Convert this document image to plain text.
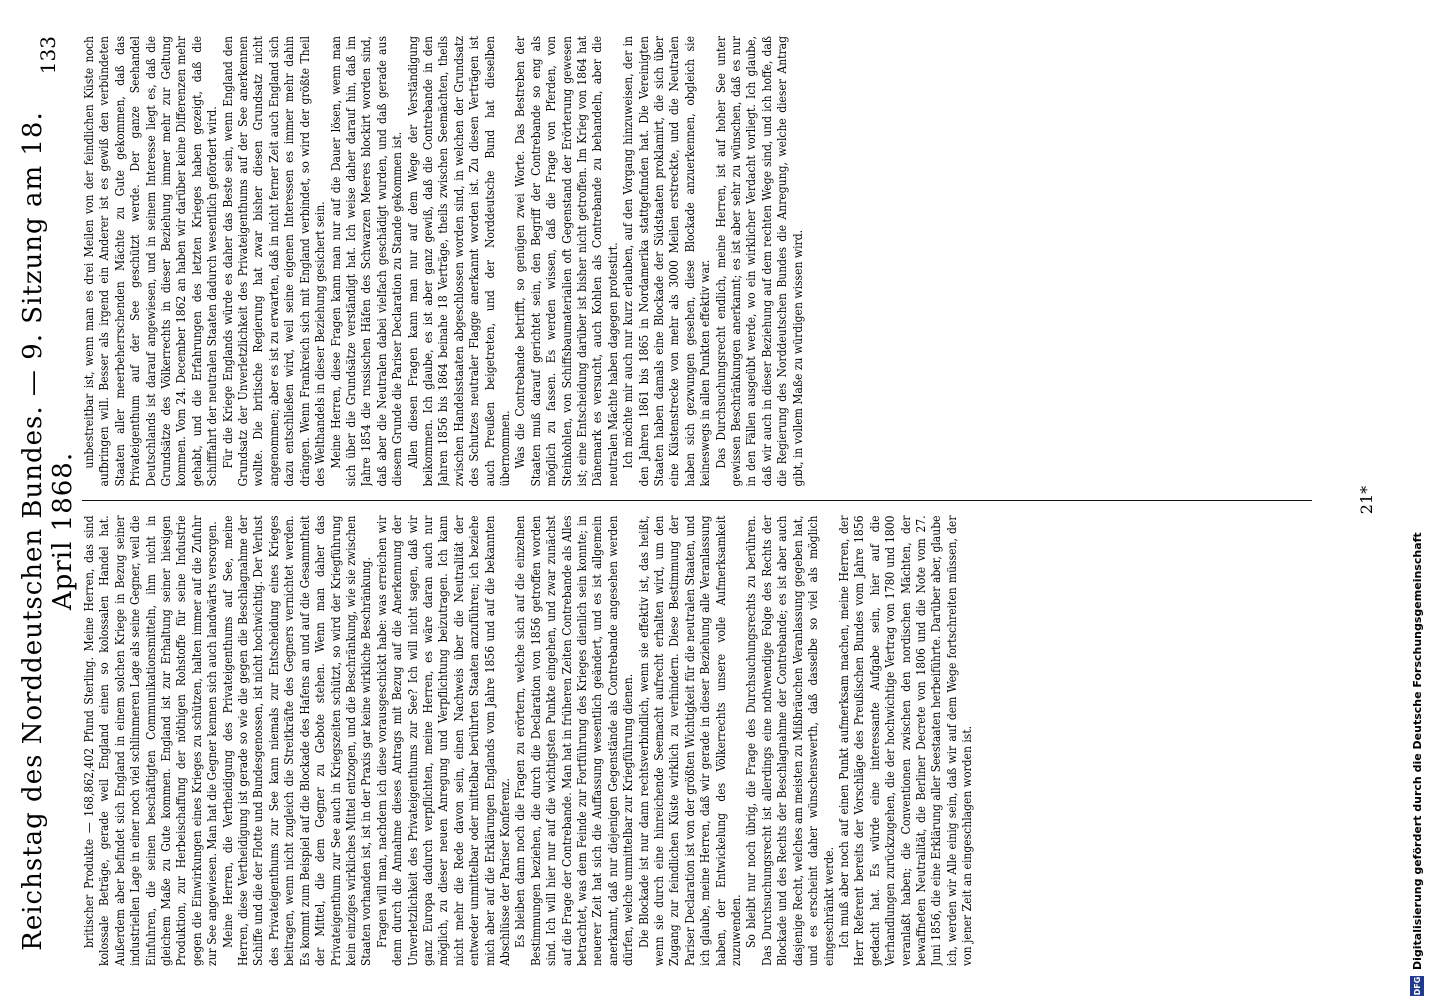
Reichstag des Norddeutschen Bundes. — 9. Sitzung am 18. April 1868.
133

britischer Produkte — 168,862,402 Pfund Sterling. Meine Herren, das sind kolossale Beträge, gerade weil England einen so kolossalen Handel hat. Außerdem aber befindet sich England in einem solchen Kriege in Bezug seiner industriellen Lage in einer noch viel schlimmeren Lage als seine Gegner, weil die Einfuhren, die seinen beschäftigten Communikationsmitteln, ihm nicht in gleichem Maße zu Gute kommen. England ist zur Erhaltung seiner hiesigen Produktion, zur Herbeischaffung der nöthigen Rohstoffe für seine Industrie gegen die Einwirkungen eines Krieges zu schützen, halten immer auf die Zufuhr zur See angewiesen. Man hat die Gegner kennen sich auch landwärts versorgen. Meine Herren, die Vertheidigung des Privateigenthums auf See, meine Herren, diese Vertheidigung ist gerade so wie die gegen die Beschlagnahme der Schiffe und die der Flotte und Bundesgenossen, ist nicht hochwichtig. Der Verlust des Privateigenthums zur See kann niemals zur Entscheidung eines Krieges beitragen, wenn nicht zugleich die Streitkräfte des Gegners vernichtet werden. Es kommt zum Beispiel auf die Blockade des Hafens an und auf die Gesammtheit der Mittel, die dem Gegner zu Gebote stehen. Wenn man daher das Privateigenthum zur See auch in Kriegszeiten schützt, so wird der Kriegführung kein einziges wirkliches Mittel entzogen, und die Beschränkung, wie sie zwischen Staaten vorhanden ist, ist in der Praxis gar keine wirkliche Beschränkung. Fragen will man, nachdem ich diese vorausgeschickt habe: was erreichen wir denn durch die Annahme dieses Antrags mit Bezug auf die Anerkennung der Unverletzlichkeit des Privateigenthums zur See? Ich will nicht sagen, daß wir ganz Europa dadurch verpflichten, meine Herren, es wäre daran auch nur möglich, zu dieser neuen Anregung und Verpflichtung beizutragen. Ich kann nicht mehr die Rede davon sein, einen Nachweis über die Neutralität der entweder unmittelbar oder mittelbar berührten Staaten anzuführen; ich beziehe mich aber auf die Erklärungen Englands vom Jahre 1856 und auf die bekannten Abschlüsse der Pariser Konferenz. Es bleiben dann noch die Fragen zu erörtern, welche sich auf die einzelnen Bestimmungen beziehen, die durch die Declaration von 1856 getroffen worden sind. Ich will hier nur auf die wichtigsten Punkte eingehen, und zwar zunächst auf die Frage der Contrebande. Man hat in früheren Zeiten Contrebande als Alles betrachtet, was dem Feinde zur Fortführung des Krieges dienlich sein konnte; in neuerer Zeit hat sich die Auffassung wesentlich geändert, und es ist allgemein anerkannt, daß nur diejenigen Gegenstände als Contrebande angesehen werden dürfen, welche unmittelbar zur Kriegführung dienen. Die Blockade ist nur dann rechtsverbindlich, wenn sie effektiv ist, das heißt, wenn sie durch eine hinreichende Seemacht aufrecht erhalten wird, um den Zugang zur feindlichen Küste wirklich zu verhindern. Diese Bestimmung der Pariser Declaration ist von der größten Wichtigkeit für die neutralen Staaten, und ich glaube, meine Herren, daß wir gerade in dieser Beziehung alle Veranlassung haben, der Entwickelung des Völkerrechts unsere volle Aufmerksamkeit zuzuwenden. So bleibt nur noch übrig, die Frage des Durchsuchungsrechts zu berühren. Das Durchsuchungsrecht ist allerdings eine nothwendige Folge des Rechts der Blockade und des Rechts der Beschlagnahme der Contrebande; es ist aber auch dasjenige Recht, welches am meisten zu Mißbräuchen Veranlassung gegeben hat, und es erscheint daher wünschenswerth, daß dasselbe so viel als möglich eingeschränkt werde. Ich muß aber noch auf einen Punkt aufmerksam machen, meine Herren, der Herr Referent bereits der Vorschläge des Preußischen Bundes vom Jahre 1856 gedacht hat. Es würde eine interessante Aufgabe sein, hier auf die Verhandlungen zurückzugehen, die der hochwichtige Vertrag von 1780 und 1800 veranlaßt haben; die Conventionen zwischen den nordischen Mächten, der bewaffneten Neutralität, die Berliner Decrete von 1806 und die Note vom 27. Juni 1856, die eine Erklärung aller Seestaaten herbeiführte. Darüber aber, glaube ich, werden wir Alle einig sein, daß wir auf dem Wege fortschreiten müssen, der von jener Zeit an eingeschlagen worden ist.

unbestreitbar ist, wenn man es drei Meilen von der feindlichen Küste noch aufbringen will. Besser als irgend ein Anderer ist es gewiß den verbündeten Staaten aller meerbeherrschenden Mächte zu Gute gekommen, daß das Privateigenthum auf der See geschützt werde. Der ganze Seehandel Deutschlands ist darauf angewiesen, und in seinem Interesse liegt es, daß die Grundsätze des Völkerrechts in dieser Beziehung immer mehr zur Geltung kommen. Vom 24. December 1862 an haben wir darüber keine Differenzen mehr gehabt, und die Erfahrungen des letzten Krieges haben gezeigt, daß die Schifffahrt der neutralen Staaten dadurch wesentlich gefördert wird. Für die Kriege Englands würde es daher das Beste sein, wenn England den Grundsatz der Unverletzlichkeit des Privateigenthums auf der See anerkennen wollte. Die britische Regierung hat zwar bisher diesen Grundsatz nicht angenommen; aber es ist zu erwarten, daß in nicht ferner Zeit auch England sich dazu entschließen wird, weil seine eigenen Interessen es immer mehr dahin drängen. Wenn Frankreich sich mit England verbindet, so wird der größte Theil des Welthandels in dieser Beziehung gesichert sein. Meine Herren, diese Fragen kann man nur auf die Dauer lösen, wenn man sich über die Grundsätze verständigt hat. Ich weise daher darauf hin, daß im Jahre 1854 die russischen Häfen des Schwarzen Meeres blockirt worden sind, daß aber die Neutralen dabei vielfach geschädigt wurden, und daß gerade aus diesem Grunde die Pariser Declaration zu Stande gekommen ist. Allen diesen Fragen kann man nur auf dem Wege der Verständigung beikommen. Ich glaube, es ist aber ganz gewiß, daß die Contrebande in den Jahren 1856 bis 1864 beinahe 18 Verträge, theils zwischen Seemächten, theils zwischen Handelsstaaten abgeschlossen worden sind, in welchen der Grundsatz des Schutzes neutraler Flagge anerkannt worden ist. Zu diesen Verträgen ist auch Preußen beigetreten, und der Norddeutsche Bund hat dieselben übernommen. Was die Contrebande betrifft, so genügen zwei Worte. Das Bestreben der Staaten muß darauf gerichtet sein, den Begriff der Contrebande so eng als möglich zu fassen. Es werden wissen, daß die Frage von Pferden, von Steinkohlen, von Schiffsbaumaterialien oft Gegenstand der Erörterung gewesen ist; eine Entscheidung darüber ist bisher nicht getroffen. Im Krieg von 1864 hat Dänemark es versucht, auch Kohlen als Contrebande zu behandeln, aber die neutralen Mächte haben dagegen protestirt. Ich möchte mir auch nur kurz erlauben, auf den Vorgang hinzuweisen, der in den Jahren 1861 bis 1865 in Nordamerika stattgefunden hat. Die Vereinigten Staaten haben damals eine Blockade der Südstaaten proklamirt, die sich über eine Küstenstrecke von mehr als 3000 Meilen erstreckte, und die Neutralen haben sich gezwungen gesehen, diese Blockade anzuerkennen, obgleich sie keineswegs in allen Punkten effektiv war. Das Durchsuchungsrecht endlich, meine Herren, ist auf hoher See unter gewissen Beschränkungen anerkannt; es ist aber sehr zu wünschen, daß es nur in den Fällen ausgeübt werde, wo ein wirklicher Verdacht vorliegt. Ich glaube, daß wir auch in dieser Beziehung auf dem rechten Wege sind, und ich hoffe, daß die Regierung des Norddeutschen Bundes die Anregung, welche dieser Antrag gibt, in vollem Maße zu würdigen wissen wird.

21*
DFG
Digitalisierung gefördert durch die Deutsche Forschungsgemeinschaft
